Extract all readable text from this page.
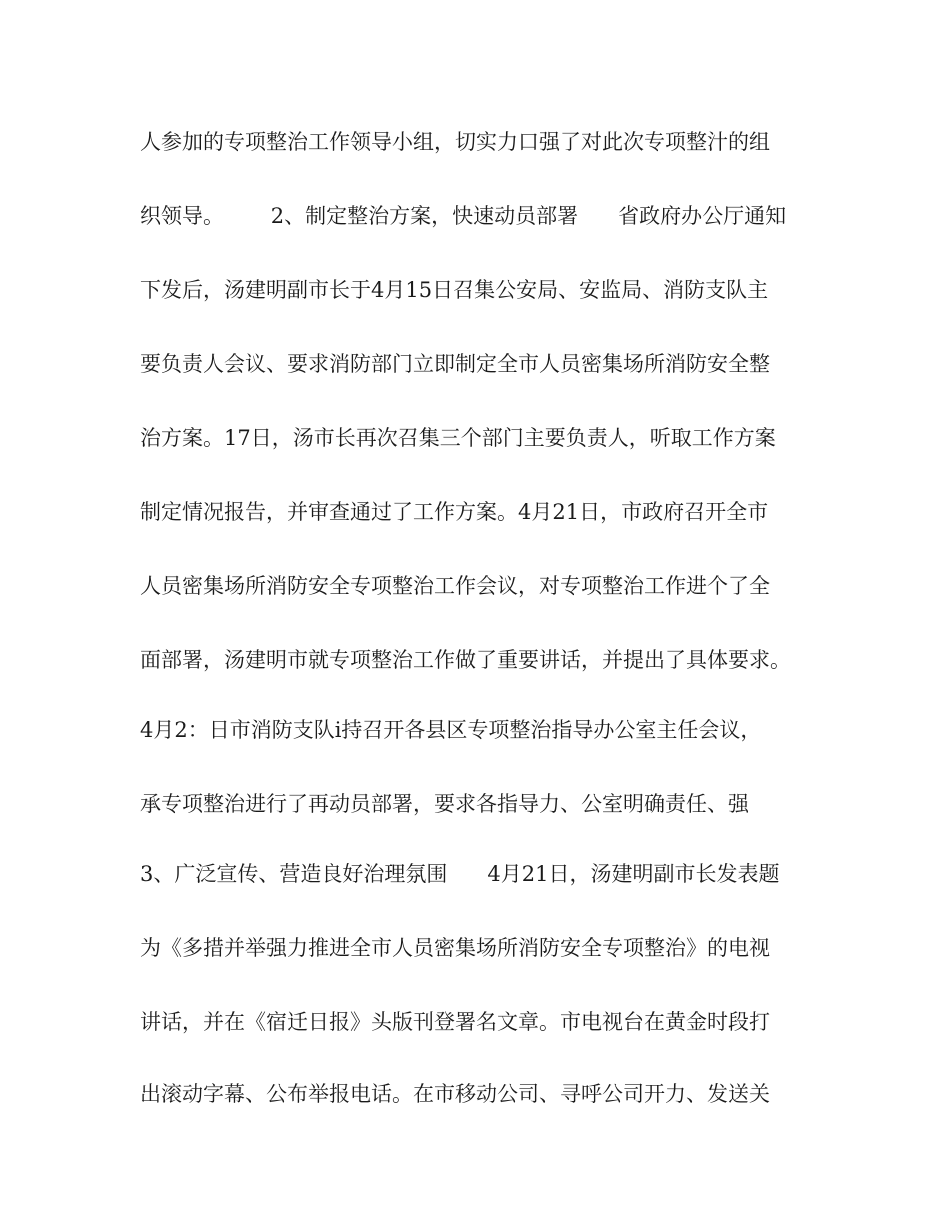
人参加的专项整治工作领导小组，切实力口强了对此次专项整汁的组
织领导。       2、制定整治方案，快速动员部署      省政府办公厅通知
下发后，汤建明副市长于4月15日召集公安局、安监局、消防支队主
要负责人会议、要求消防部门立即制定全市人员密集场所消防安全整
治方案。17日，汤市长再次召集三个部门主要负责人，听取工作方案
制定情况报告，并审查通过了工作方案。4月21日，市政府召开全市
人员密集场所消防安全专项整治工作会议，对专项整治工作进个了全
面部署，汤建明市就专项整治工作做了重要讲话，并提出了具体要求。
4月2：日市消防支队i持召开各县区专项整治指导办公室主任会议，
承专项整治进行了再动员部署，要求各指导力、公室明确责任、强
3、广泛宣传、营造良好治理氛围      4月21日，汤建明副市长发表题
为《多措并举强力推进全市人员密集场所消防安全专项整治》的电视
讲话，并在《宿迁日报》头版刊登署名文章。市电视台在黄金时段打
出滚动字幕、公布举报电话。在市移动公司、寻呼公司开力、发送关
